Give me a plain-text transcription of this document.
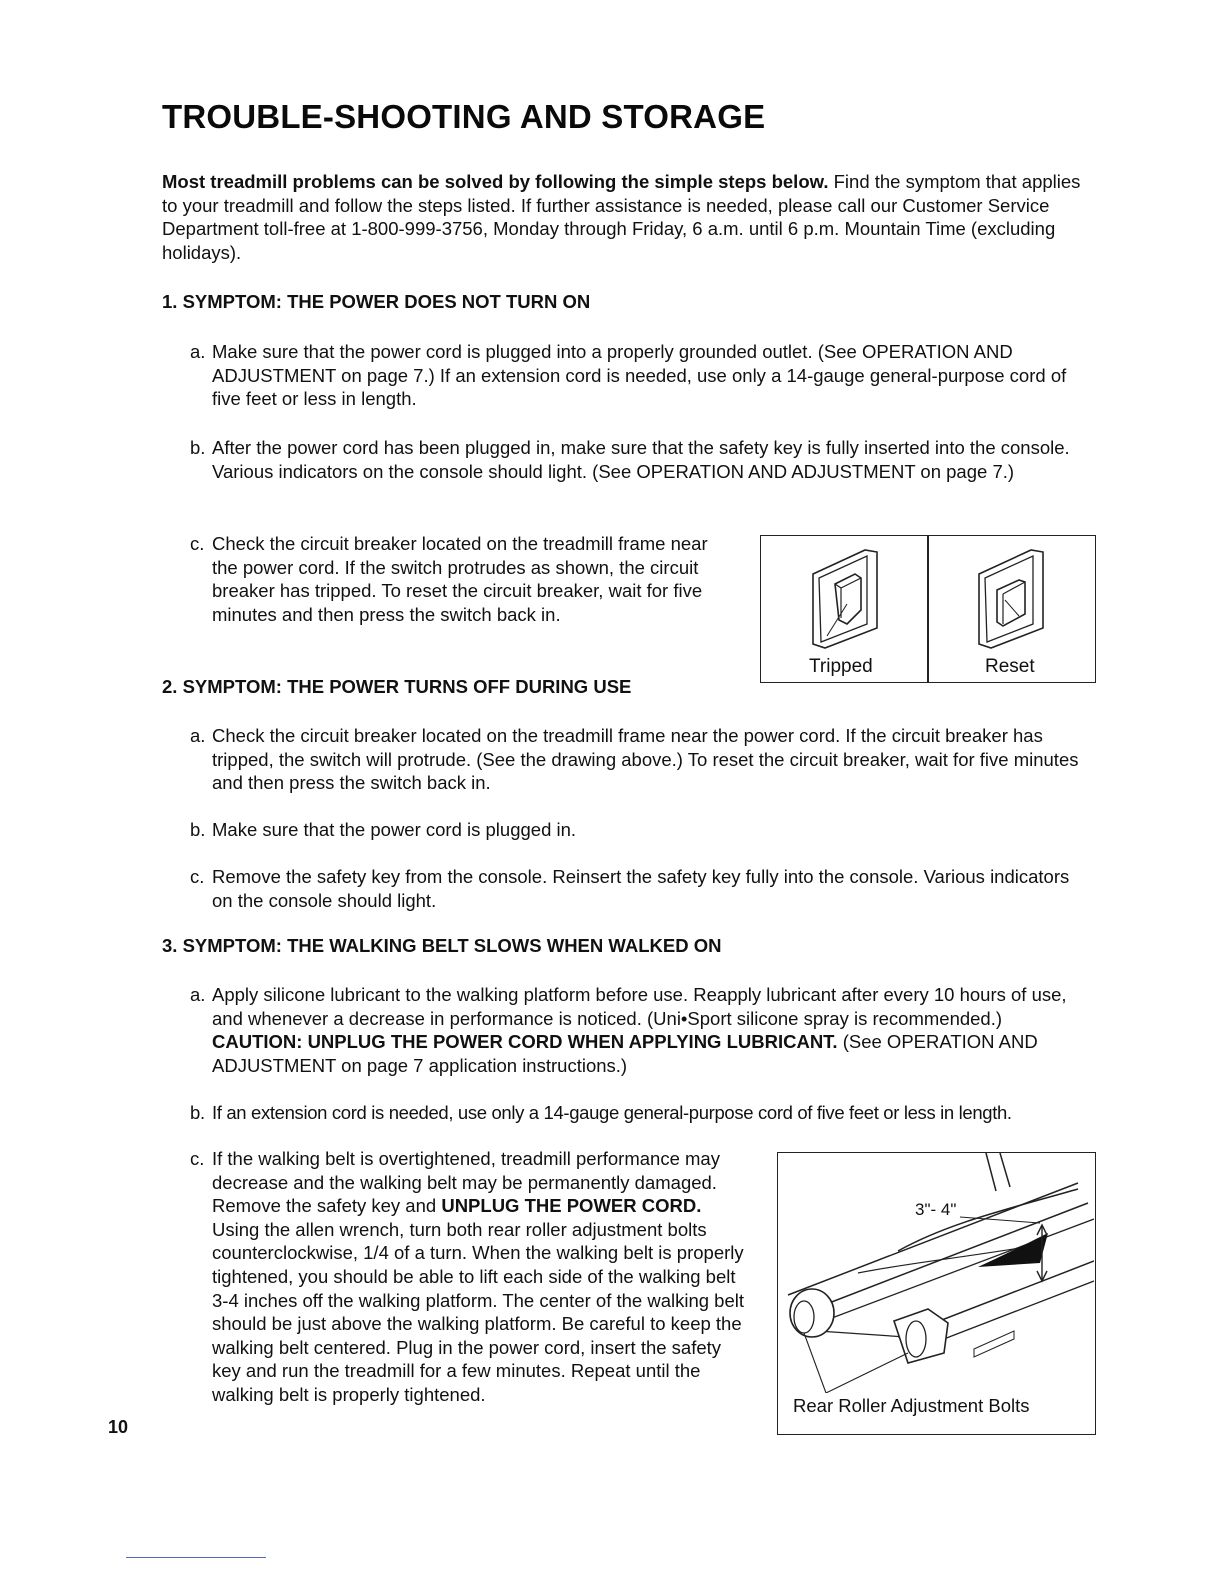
TROUBLE-SHOOTING AND STORAGE

Most treadmill problems can be solved by following the simple steps below. Find the symptom that applies to your treadmill and follow the steps listed. If further assistance is needed, please call our Customer Service Department toll-free at 1-800-999-3756, Monday through Friday, 6 a.m. until 6 p.m. Mountain Time (excluding holidays).

1. SYMPTOM: THE POWER DOES NOT TURN ON
a. Make sure that the power cord is plugged into a properly grounded outlet. (See OPERATION AND ADJUSTMENT on page 7.) If an extension cord is needed, use only a 14-gauge general-purpose cord of five feet or less in length.
b. After the power cord has been plugged in, make sure that the safety key is fully inserted into the console. Various indicators on the console should light. (See OPERATION AND ADJUSTMENT on page 7.)
c. Check the circuit breaker located on the treadmill frame near the power cord. If the switch protrudes as shown, the circuit breaker has tripped. To reset the circuit breaker, wait for five minutes and then press the switch back in.
Tripped	Reset
2. SYMPTOM: THE POWER TURNS OFF DURING USE
a. Check the circuit breaker located on the treadmill frame near the power cord. If the circuit breaker has tripped, the switch will protrude. (See the drawing above.) To reset the circuit breaker, wait for five minutes and then press the switch back in.
b. Make sure that the power cord is plugged in.
c. Remove the safety key from the console. Reinsert the safety key fully into the console. Various indicators on the console should light.
3. SYMPTOM: THE WALKING BELT SLOWS WHEN WALKED ON
a. Apply silicone lubricant to the walking platform before use. Reapply lubricant after every 10 hours of use, and whenever a decrease in performance is noticed. (Uni•Sport silicone spray is recommended.) CAUTION: UNPLUG THE POWER CORD WHEN APPLYING LUBRICANT. (See OPERATION AND ADJUSTMENT on page 7 application instructions.)
b. If an extension cord is needed, use only a 14-gauge general-purpose cord of five feet or less in length.
c. If the walking belt is overtightened, treadmill performance may decrease and the walking belt may be permanently damaged. Remove the safety key and UNPLUG THE POWER CORD. Using the allen wrench, turn both rear roller adjustment bolts counterclockwise, 1/4 of a turn. When the walking belt is properly tightened, you should be able to lift each side of the walking belt 3-4 inches off the walking platform. The center of the walking belt should be just above the walking platform. Be careful to keep the walking belt centered. Plug in the power cord, insert the safety key and run the treadmill for a few minutes. Repeat until the walking belt is properly tightened.
3"- 4"
Rear Roller Adjustment Bolts
10
